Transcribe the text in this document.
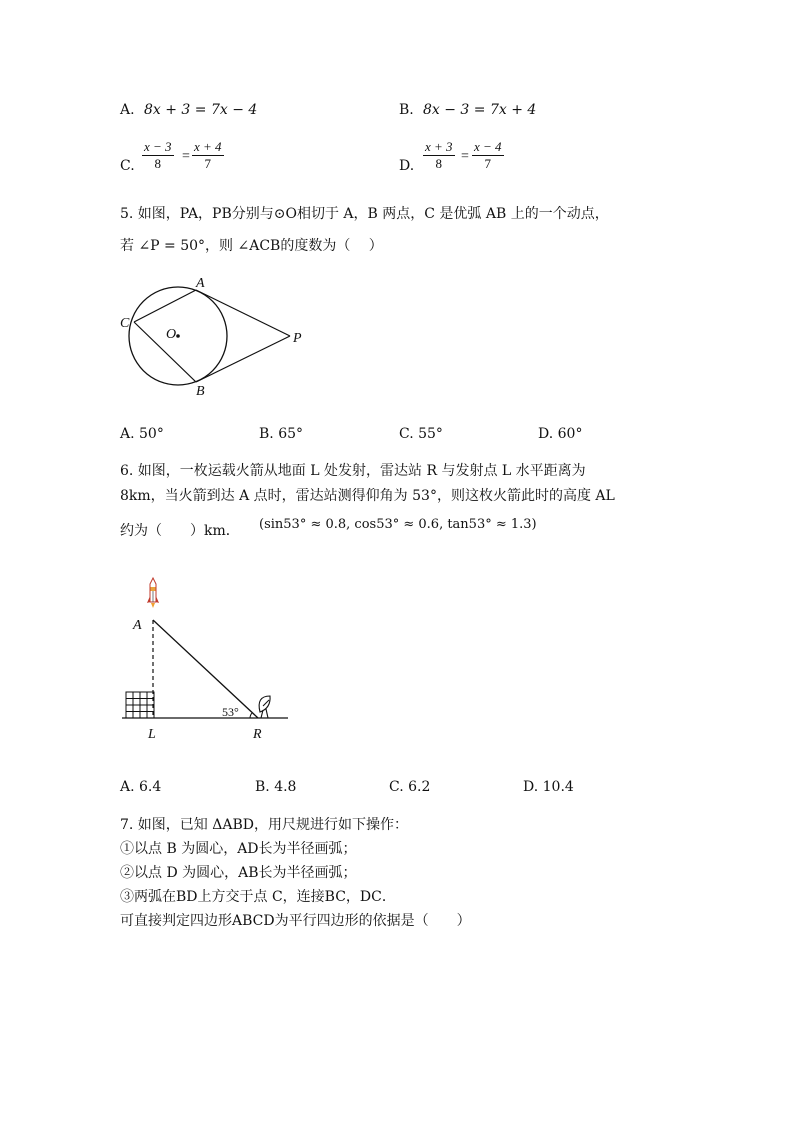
A. 8x + 3 = 7x − 4	B. 8x − 3 = 7x + 4
C. $\frac{x - 3}{8} = \frac{x + 4}{7}$	D. $\frac{x + 3}{8} = \frac{x - 4}{7}$
5. 如图，PA，PB分别与⊙O相切于 A，B 两点，C 是优弧 AB 上的一个动点，
若 ∠P = 50°，则 ∠ACB的度数为（　 ）
A
B
C
O	P
A. 50°	B. 65°	C. 55°	D. 60°
6. 如图，一枚运载火箭从地面 L 处发射，雷达站 R 与发射点 L 水平距离为
8km，当火箭到达 A 点时，雷达站测得仰角为 53°，则这枚火箭此时的高度 AL
约为（　　）km． (sin53° ≈ 0.8, cos53° ≈ 0.6, tan53° ≈ 1.3)
53°
A
L	R
A. 6.4	B. 4.8	C. 6.2	D. 10.4
7. 如图，已知 ΔABD，用尺规进行如下操作：
①以点 B 为圆心，AD长为半径画弧；
②以点 D 为圆心，AB长为半径画弧；
③两弧在BD上方交于点 C，连接BC，DC．
可直接判定四边形ABCD为平行四边形的依据是（　　）
